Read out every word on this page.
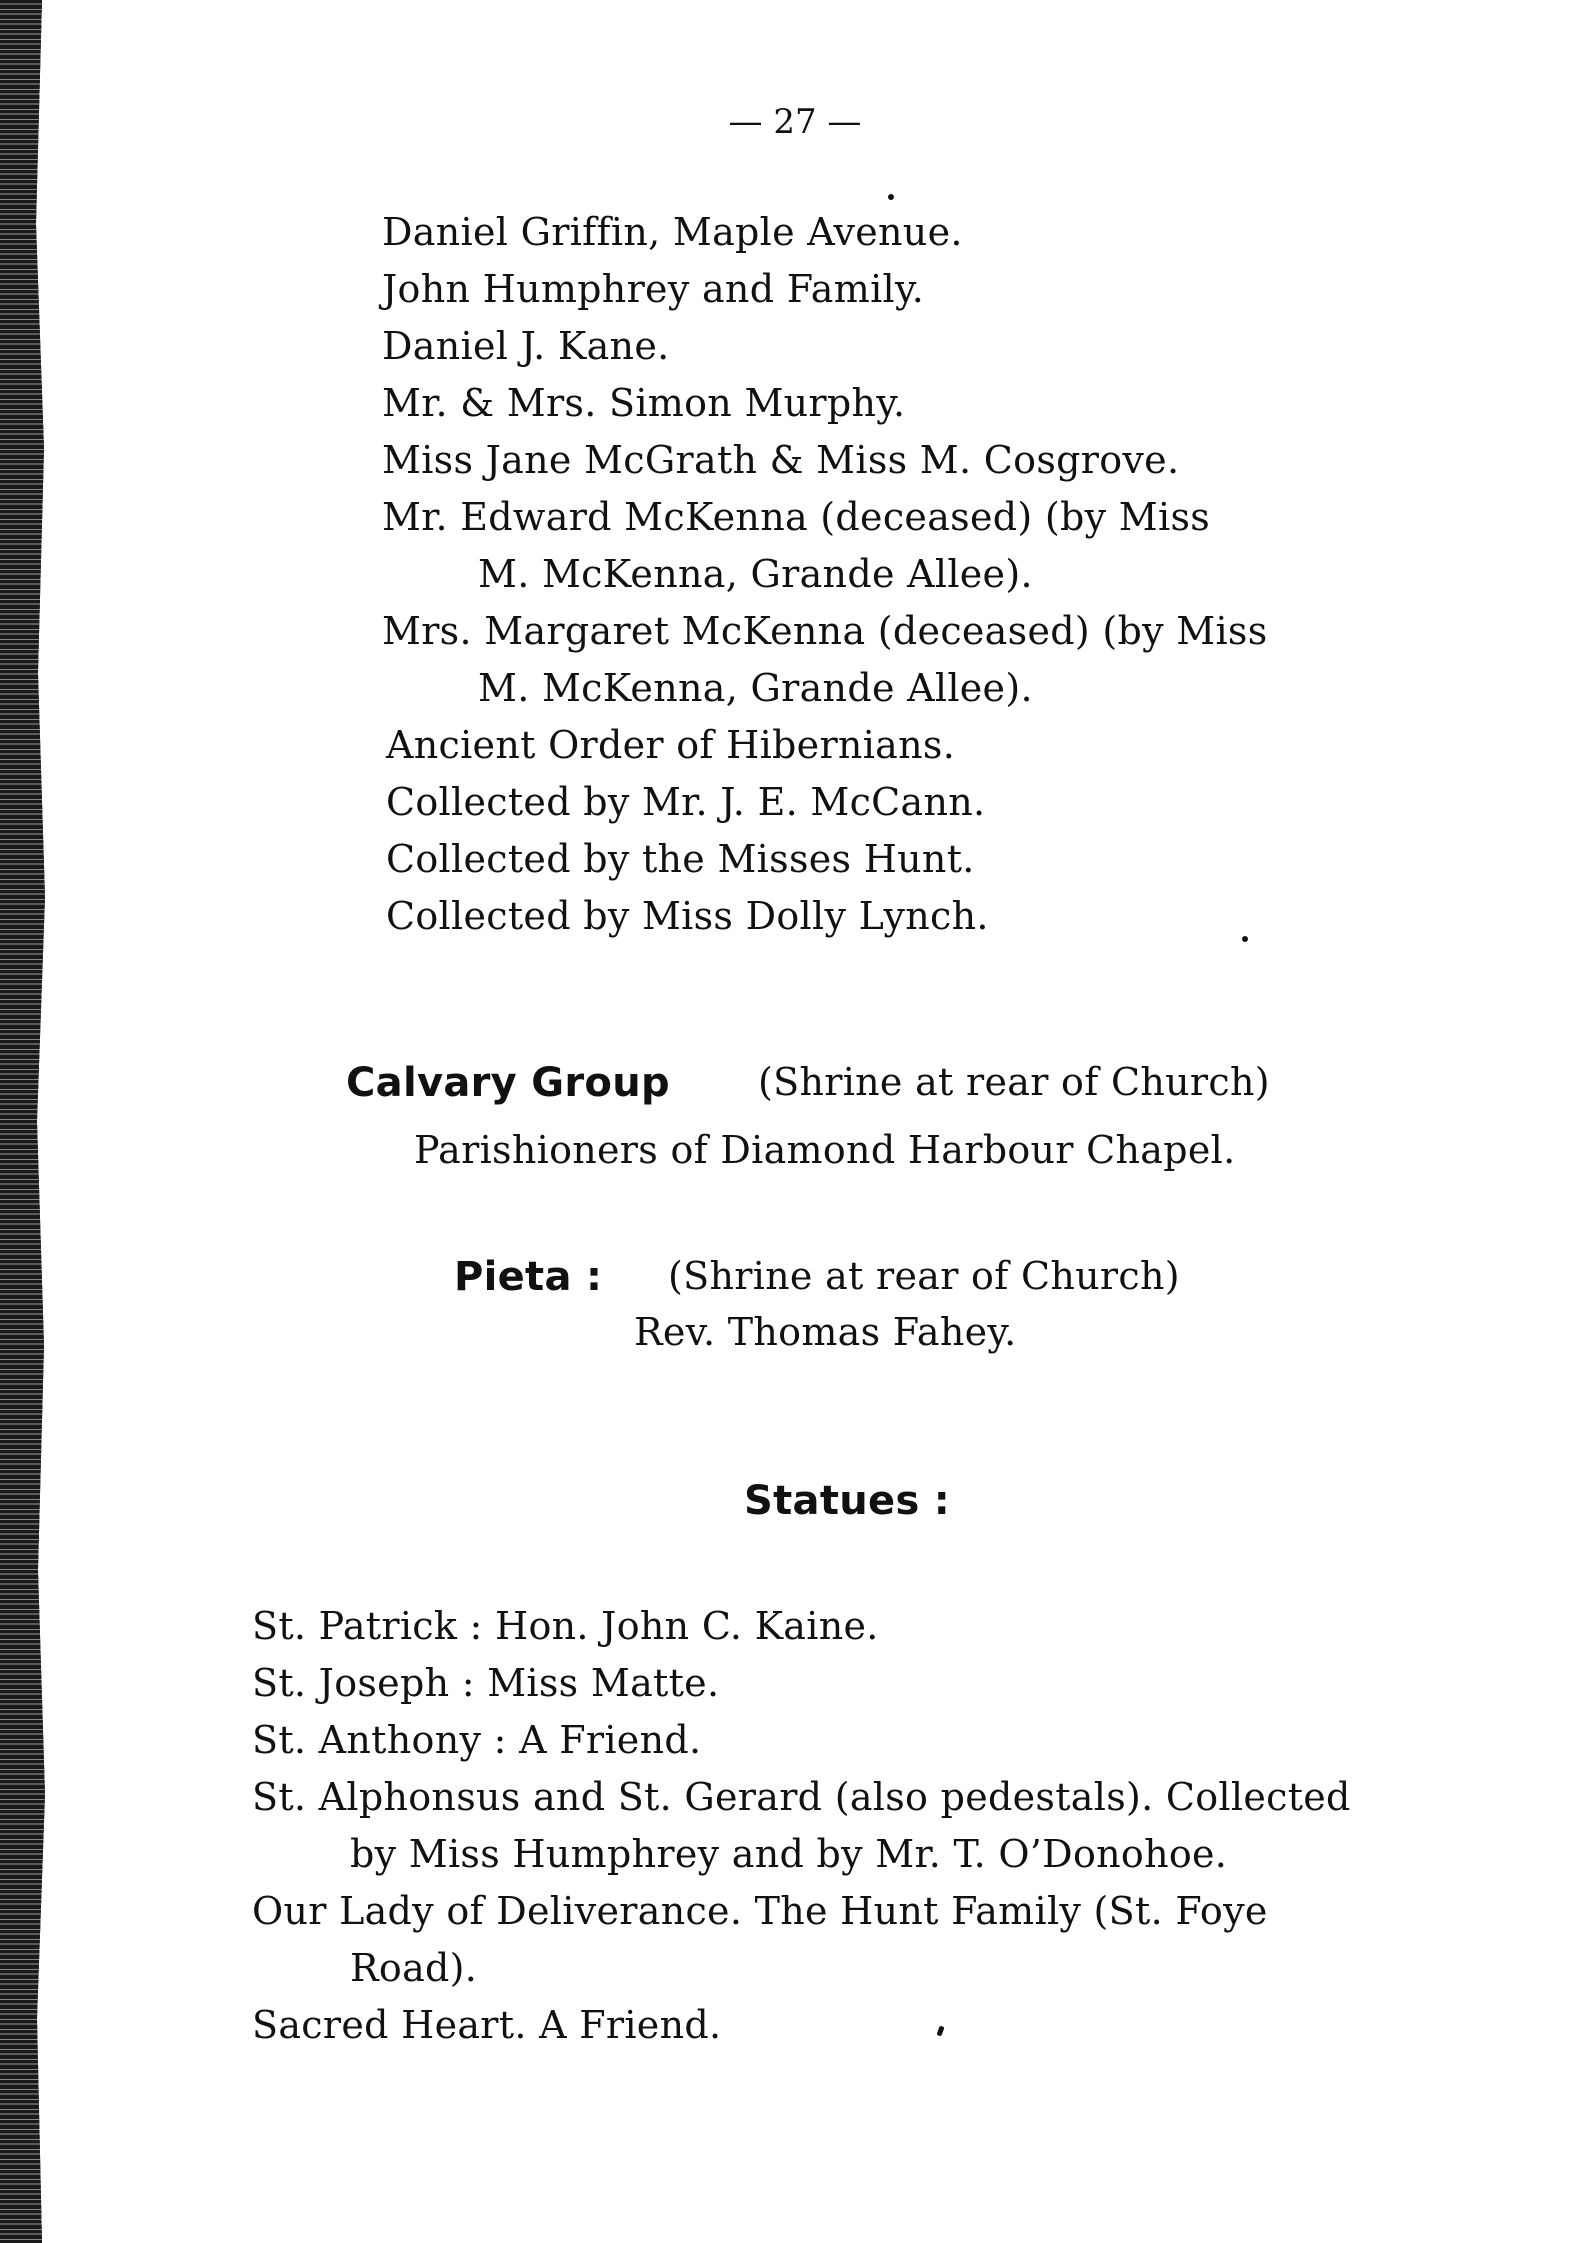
— 27 —
Daniel Griffin, Maple Avenue.
John Humphrey and Family.
Daniel J. Kane.
Mr. & Mrs. Simon Murphy.
Miss Jane McGrath & Miss M. Cosgrove.
Mr. Edward McKenna (deceased) (by Miss
M. McKenna, Grande Allee).
Mrs. Margaret McKenna (deceased) (by Miss
M. McKenna, Grande Allee).
Ancient Order of Hibernians.
Collected by Mr. J. E. McCann.
Collected by the Misses Hunt.
Collected by Miss Dolly Lynch.
Calvary Group (Shrine at rear of Church)
Parishioners of Diamond Harbour Chapel.
Pieta : (Shrine at rear of Church)
Rev. Thomas Fahey.
Statues :
St. Patrick : Hon. John C. Kaine.
St. Joseph : Miss Matte.
St. Anthony : A Friend.
St. Alphonsus and St. Gerard (also pedestals). Collected
by Miss Humphrey and by Mr. T. O’Donohoe.
Our Lady of Deliverance. The Hunt Family (St. Foye
Road).
Sacred Heart. A Friend.
